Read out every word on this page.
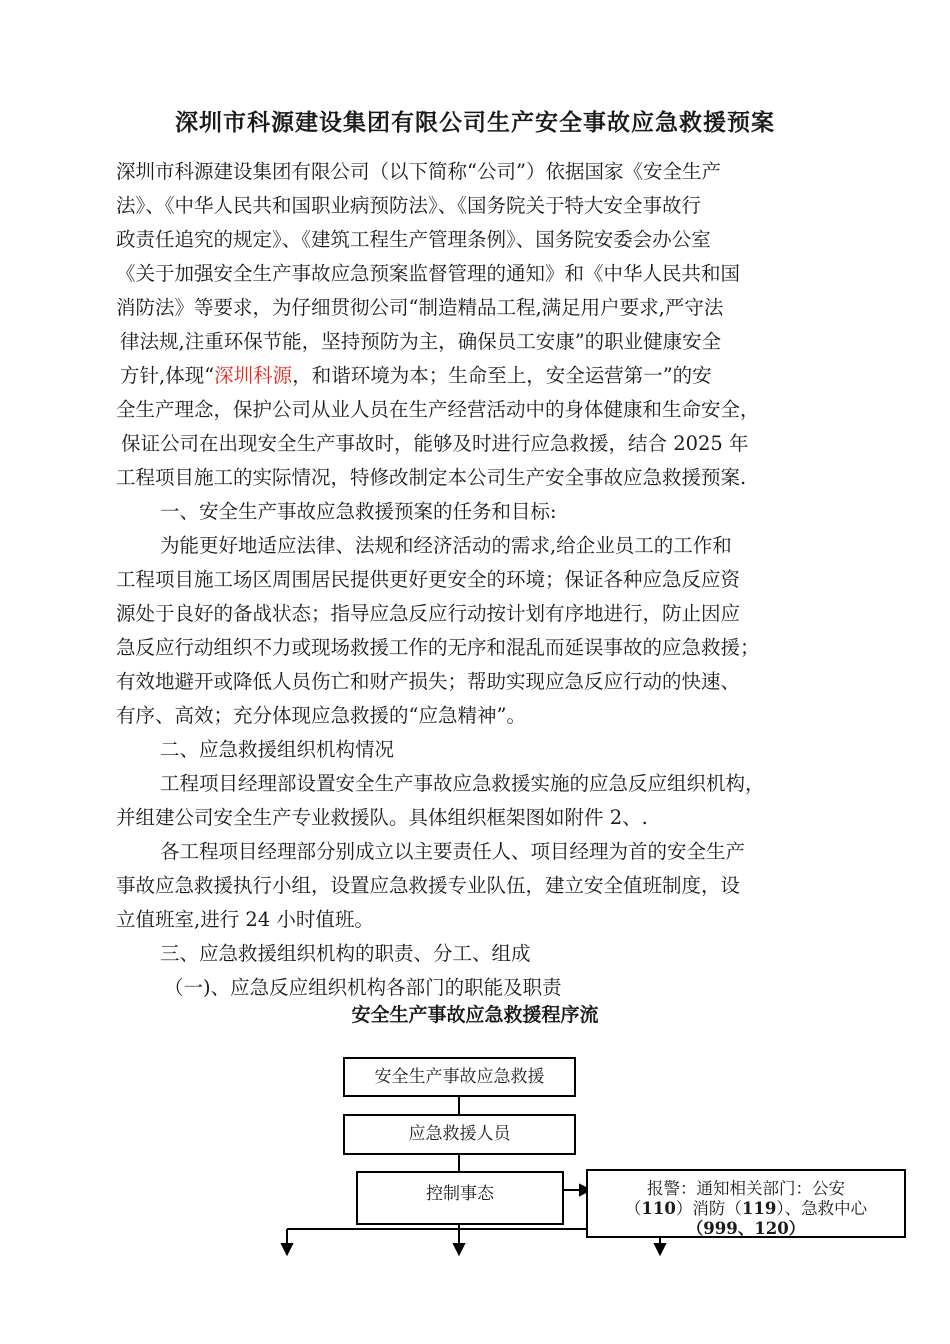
深圳市科源建设集团有限公司生产安全事故应急救援预案
深圳市科源建设集团有限公司（以下简称“公司”）依据国家《安全生产
法》、《中华人民共和国职业病预防法》、《国务院关于特大安全事故行
政责任追究的规定》、《建筑工程生产管理条例》、国务院安委会办公室
《关于加强安全生产事故应急预案监督管理的通知》和《中华人民共和国
消防法》等要求，为仔细贯彻公司“制造精品工程,满足用户要求,严守法
律法规,注重环保节能，坚持预防为主，确保员工安康”的职业健康安全
方针,体现“深圳科源，和谐环境为本；生命至上，安全运营第一”的安
全生产理念，保护公司从业人员在生产经营活动中的身体健康和生命安全，
保证公司在出现安全生产事故时，能够及时进行应急救援，结合 2025 年
工程项目施工的实际情况，特修改制定本公司生产安全事故应急救援预案.
一、安全生产事故应急救援预案的任务和目标:
为能更好地适应法律、法规和经济活动的需求,给企业员工的工作和
工程项目施工场区周围居民提供更好更安全的环境；保证各种应急反应资
源处于良好的备战状态；指导应急反应行动按计划有序地进行，防止因应
急反应行动组织不力或现场救援工作的无序和混乱而延误事故的应急救援；
有效地避开或降低人员伤亡和财产损失；帮助实现应急反应行动的快速、
有序、高效；充分体现应急救援的“应急精神”。
二、应急救援组织机构情况
工程项目经理部设置安全生产事故应急救援实施的应急反应组织机构，
并组建公司安全生产专业救援队。具体组织框架图如附件 2、.
各工程项目经理部分别成立以主要责任人、项目经理为首的安全生产
事故应急救援执行小组，设置应急救援专业队伍，建立安全值班制度，设
立值班室,进行 24 小时值班。
三、应急救援组织机构的职责、分工、组成
（一)、应急反应组织机构各部门的职能及职责
安全生产事故应急救援程序流
安全生产事故应急救援
应急救援人员
控制事态	报警：通知相关部门：公安
（110）消防（119）、急救中心
（999、120）
